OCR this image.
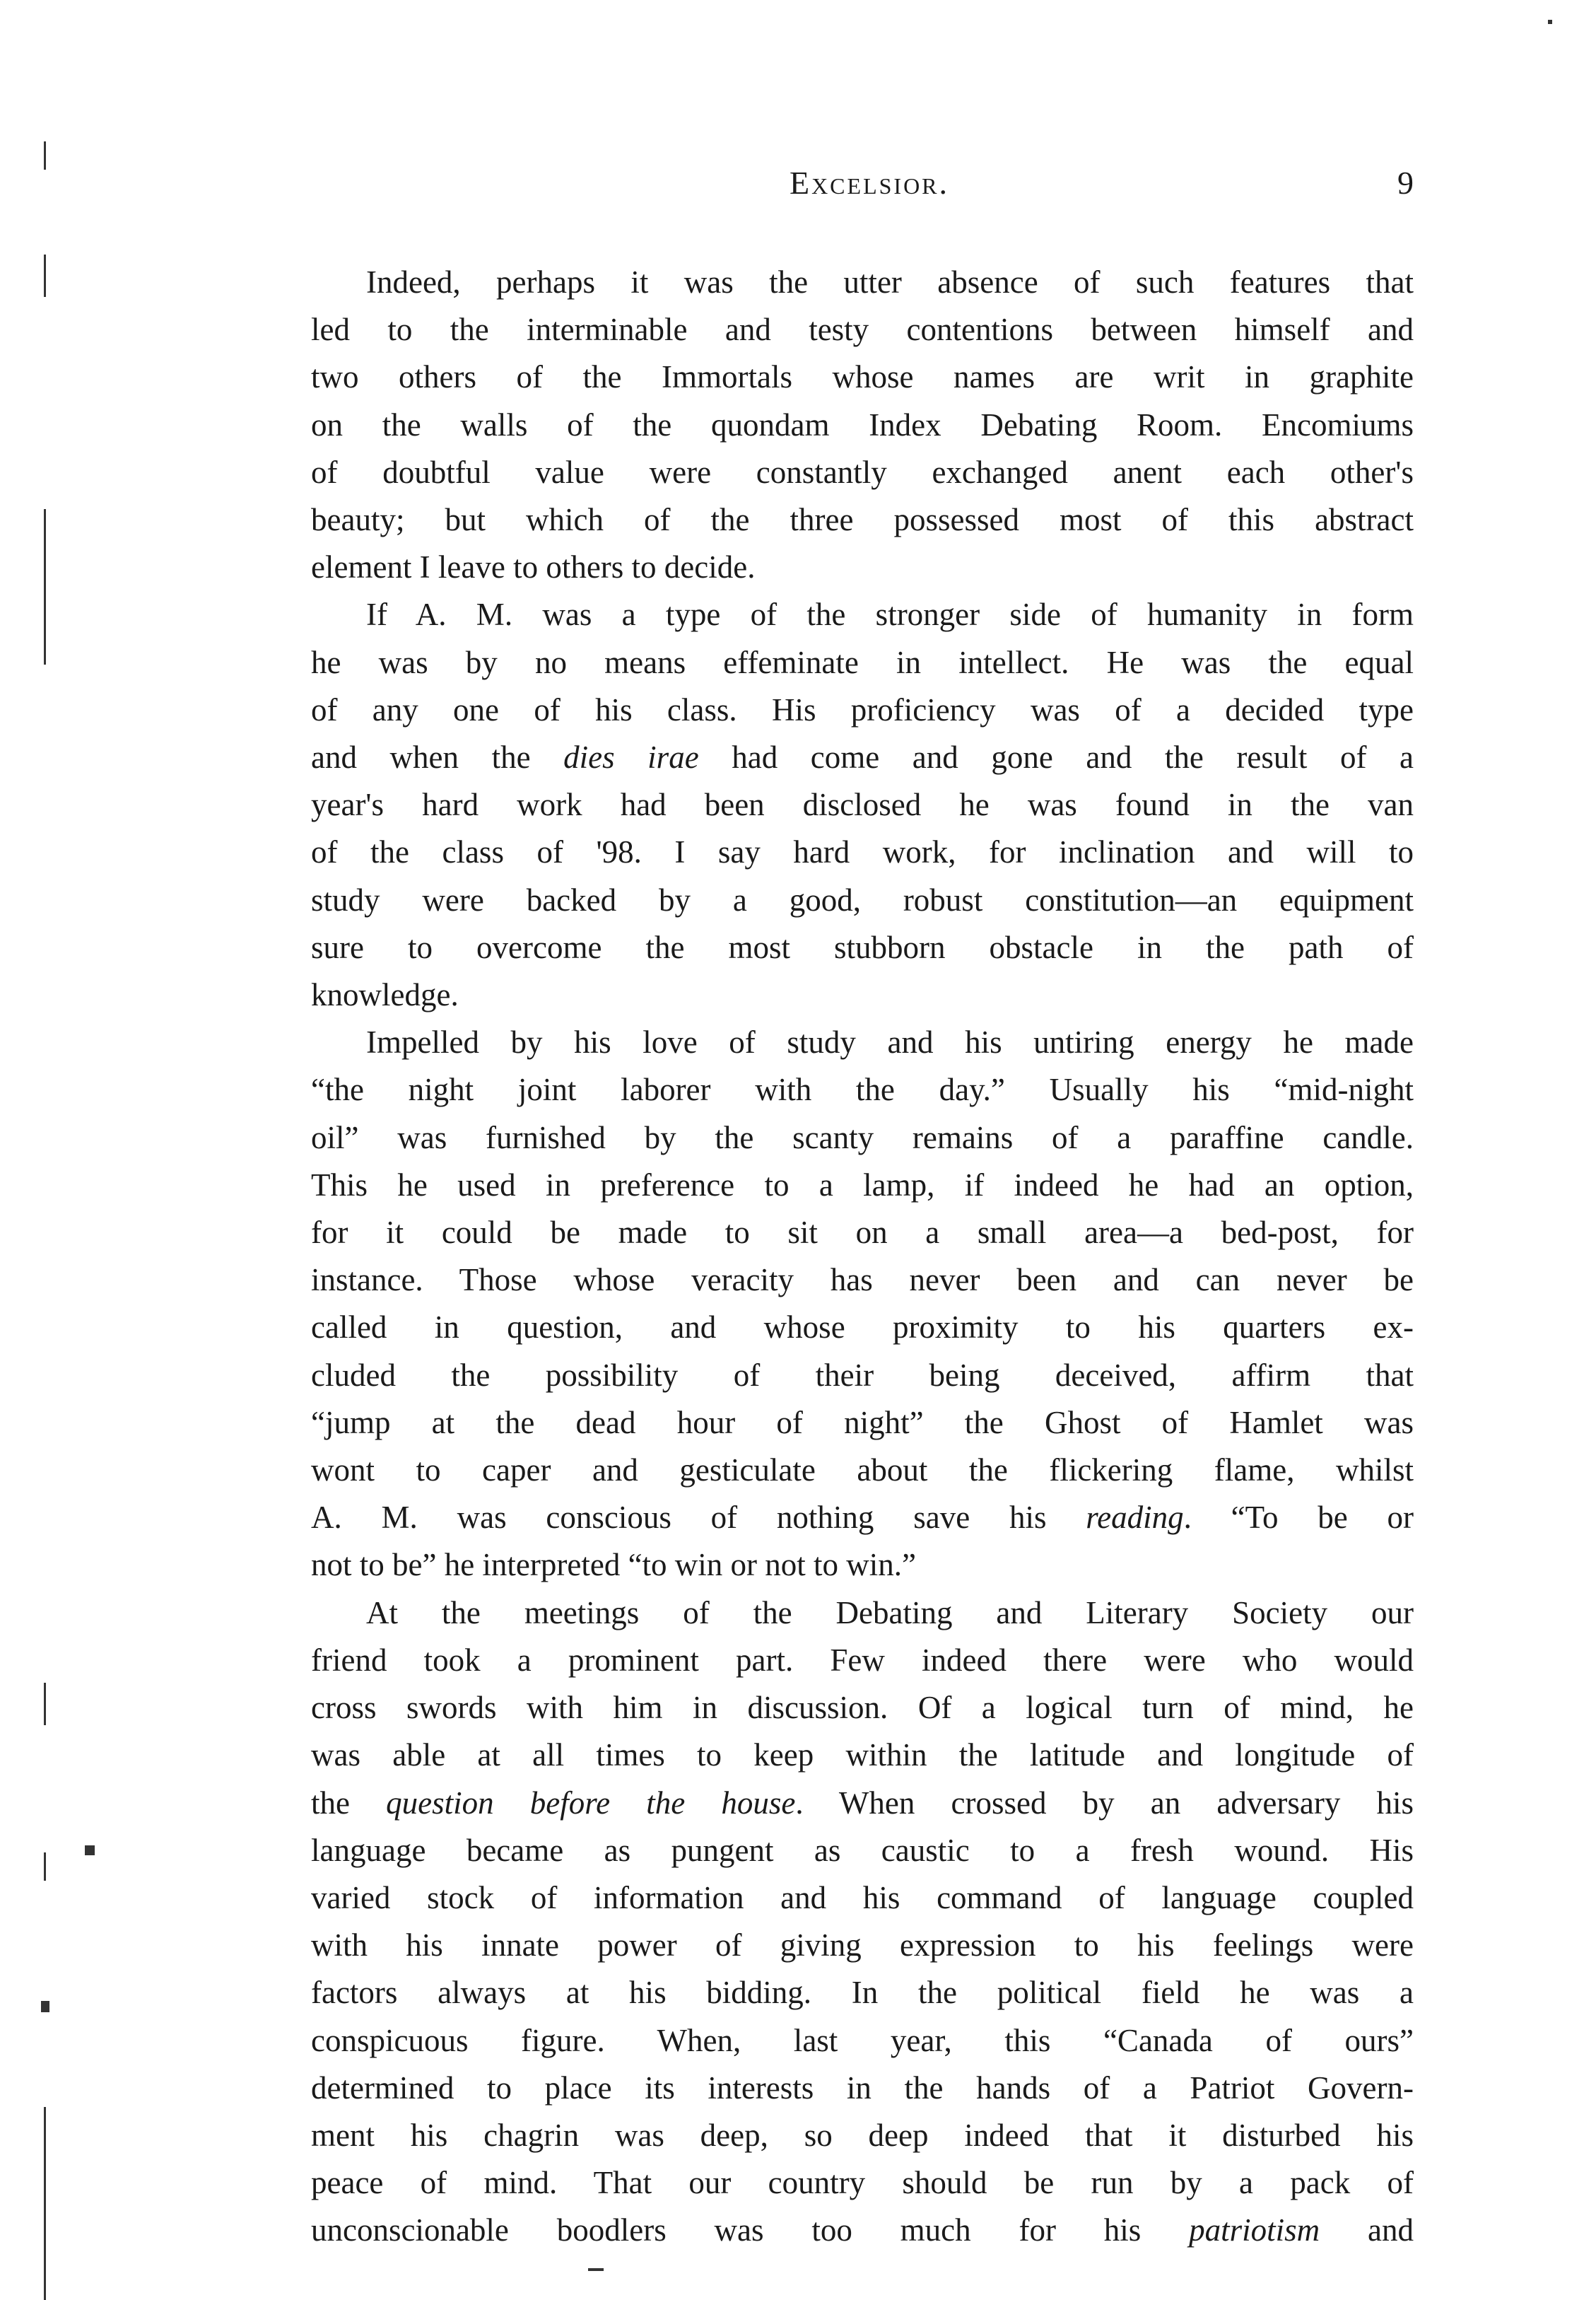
Excelsior.	9
Indeed, perhaps it was the utter absence of such features that
led to the interminable and testy contentions between himself and
two others of the Immortals whose names are writ in graphite
on the walls of the quondam Index Debating Room. Encomiums
of doubtful value were constantly exchanged anent each other's
beauty; but which of the three possessed most of this abstract
element I leave to others to decide.
If A. M. was a type of the stronger side of humanity in form
he was by no means effeminate in intellect. He was the equal
of any one of his class. His proficiency was of a decided type
and when the dies irae had come and gone and the result of a
year's hard work had been disclosed he was found in the van
of the class of '98. I say hard work, for inclination and will to
study were backed by a good, robust constitution—an equipment
sure to overcome the most stubborn obstacle in the path of
knowledge.
Impelled by his love of study and his untiring energy he made
“the night joint laborer with the day.” Usually his “mid-night
oil” was furnished by the scanty remains of a paraffine candle.
This he used in preference to a lamp, if indeed he had an option,
for it could be made to sit on a small area—a bed-post, for
instance. Those whose veracity has never been and can never be
called in question, and whose proximity to his quarters ex-
cluded the possibility of their being deceived, affirm that
“jump at the dead hour of night” the Ghost of Hamlet was
wont to caper and gesticulate about the flickering flame, whilst
A. M. was conscious of nothing save his reading. “To be or
not to be” he interpreted “to win or not to win.”
At the meetings of the Debating and Literary Society our
friend took a prominent part. Few indeed there were who would
cross swords with him in discussion. Of a logical turn of mind, he
was able at all times to keep within the latitude and longitude of
the question before the house. When crossed by an adversary his
language became as pungent as caustic to a fresh wound. His
varied stock of information and his command of language coupled
with his innate power of giving expression to his feelings were
factors always at his bidding. In the political field he was a
conspicuous figure. When, last year, this “Canada of ours”
determined to place its interests in the hands of a Patriot Govern-
ment his chagrin was deep, so deep indeed that it disturbed his
peace of mind. That our country should be run by a pack of
unconscionable boodlers was too much for his patriotism and
